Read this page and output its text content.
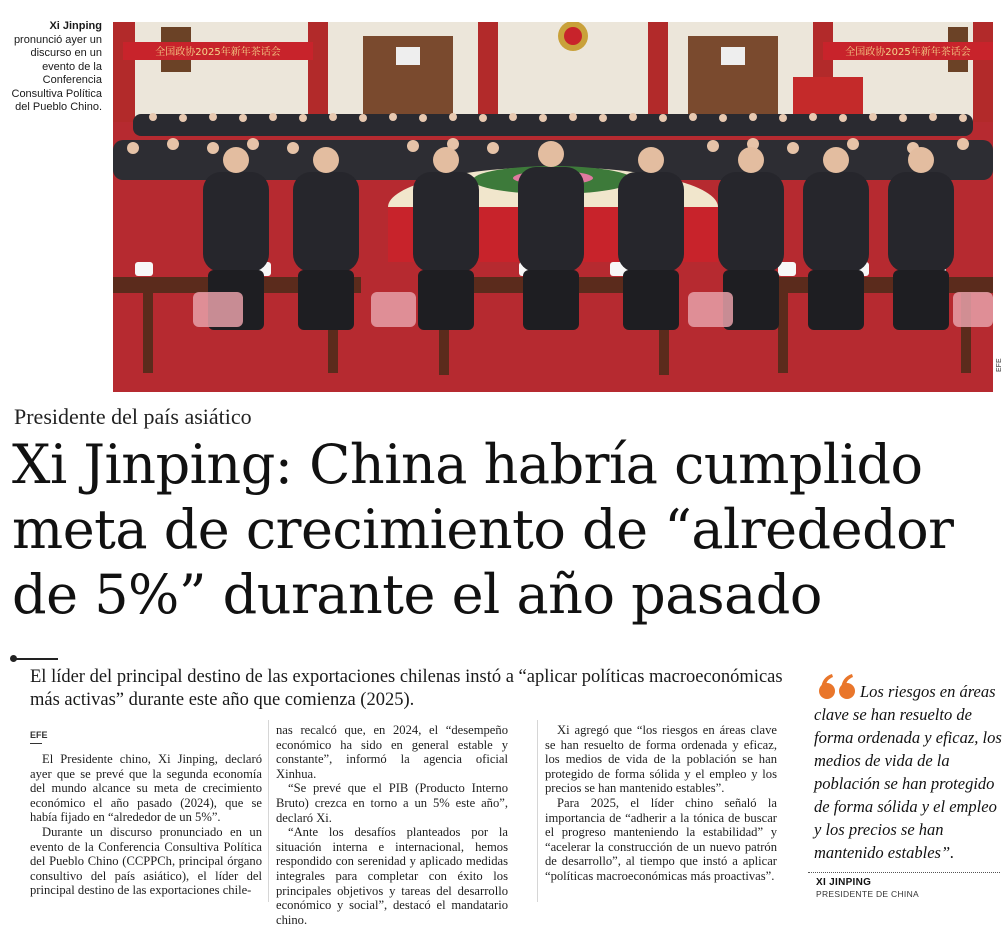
Xi Jinping
pronunció ayer un discurso en un evento de la Conferencia Consultiva Política del Pueblo Chino.
全国政协2025年新年茶话会	全国政协2025年新年茶话会
EFE
Presidente del país asiático
Xi Jinping: China habría cumplido meta de crecimiento de “alrededor de 5%” durante el año pasado

El líder del principal destino de las exportaciones chilenas instó a “aplicar políticas macroeconómicas más activas” durante este año que comienza (2025).

EFE

El Presidente chino, Xi Jinping, declaró ayer que se prevé que la segunda economía del mundo alcance su meta de crecimiento económico el año pasado (2024), que se había fijado en “alrededor de un 5%”.

Durante un discurso pronunciado en un evento de la Conferencia Consultiva Política del Pueblo Chino (CCPPCh, principal órgano consultivo del país asiático), el líder del principal destino de las exportaciones chile-

nas recalcó que, en 2024, el “desempeño económico ha sido en general estable y constante”, informó la agencia oficial Xinhua.

“Se prevé que el PIB (Producto Interno Bruto) crezca en torno a un 5% este año”, declaró Xi.

“Ante los desafíos planteados por la situación interna e internacional, hemos respondido con serenidad y aplicado medidas integrales para completar con éxito los principales objetivos y tareas del desarrollo económico y social”, destacó el mandatario chino.

Xi agregó que “los riesgos en áreas clave se han resuelto de forma ordenada y eficaz, los medios de vida de la población se han protegido de forma sólida y el empleo y los precios se han mantenido estables”.

Para 2025, el líder chino señaló la importancia de “adherir a la tónica de buscar el progreso manteniendo la estabilidad” y “acelerar la construcción de un nuevo patrón de desarrollo”, al tiempo que instó a aplicar “políticas macroeconómicas más proactivas”.

Los riesgos en áreas clave se han resuelto de forma ordenada y eficaz, los medios de vida de la población se han protegido de forma sólida y el empleo y los precios se han mantenido estables”.

XI JINPING
PRESIDENTE DE CHINA
